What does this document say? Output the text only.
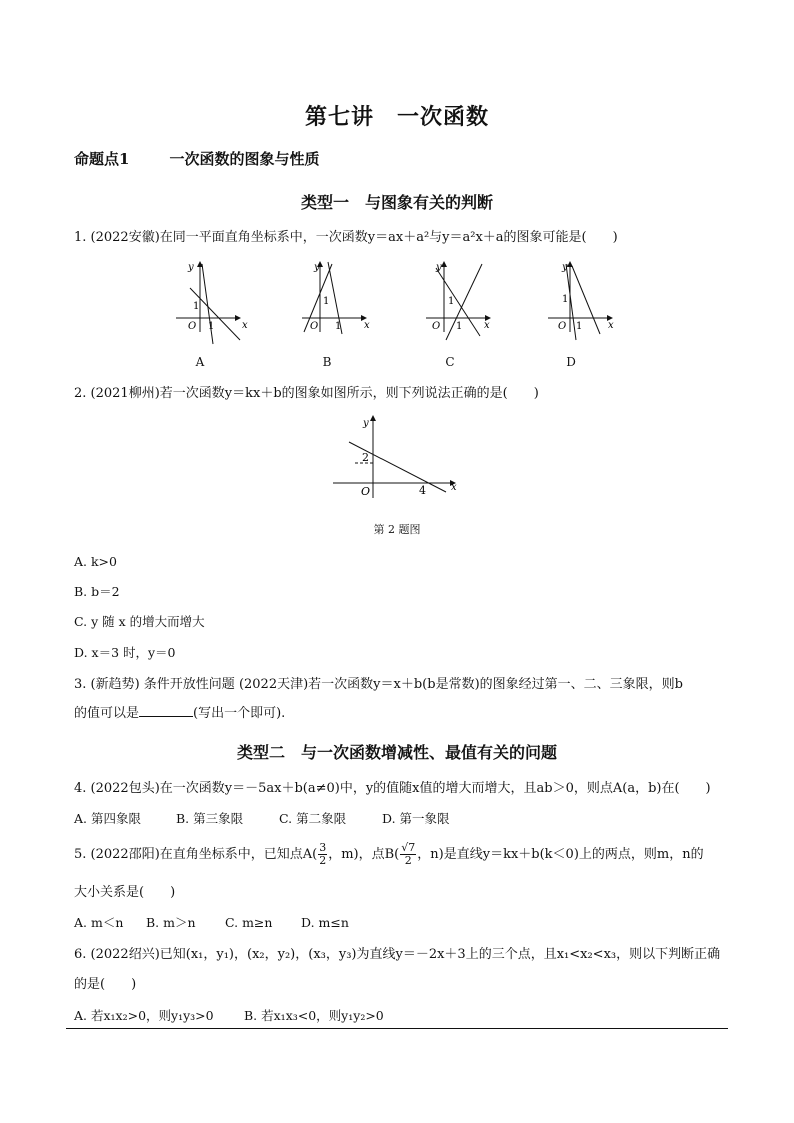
第七讲　一次函数
命题点1	一次函数的图象与性质
类型一　与图象有关的判断
1. (2022安徽)在同一平面直角坐标系中，一次函数y＝ax＋a²与y＝a²x＋a的图象可能是(　　)
y
x
O
1
1
A
y
x
O
1
1
B
y
x
O
1
1
C
y
x
O
1
1
D
2. (2021柳州)若一次函数y＝kx＋b的图象如图所示，则下列说法正确的是(　　)
y
x
O
2
4
第 2 题图
A. k>0
B. b＝2
C. y 随 x 的增大而增大
D. x＝3 时，y＝0
3. (新趋势) 条件开放性问题 (2022天津)若一次函数y＝x＋b(b是常数)的图象经过第一、二、三象限，则b
的值可以是	(写出一个即可).
类型二　与一次函数增减性、最值有关的问题
4. (2022包头)在一次函数y＝－5ax＋b(a≠0)中，y的值随x值的增大而增大，且ab＞0，则点A(a，b)在(　　)
A. 第四象限	B. 第三象限	C. 第二象限	D. 第一象限
5. (2022邵阳)在直角坐标系中，已知点$A( \frac{3}{2}$ ，m)，点$B( \frac{√7}{2}$ ，n)是直线y＝kx＋b(k＜0)上的两点，则m，n的
大小关系是(　　)
A. m＜n B. m＞n C. m≥n D. m≤n
6. (2022绍兴)已知(x₁，y₁)，(x₂，y₂)，(x₃，y₃)为直线y＝－2x＋3上的三个点，且x₁<x₂<x₃，则以下判断正确
的是(　　)
A. 若x₁x₂>0，则y₁y₃>0 B. 若x₁x₃<0，则y₁y₂>0
